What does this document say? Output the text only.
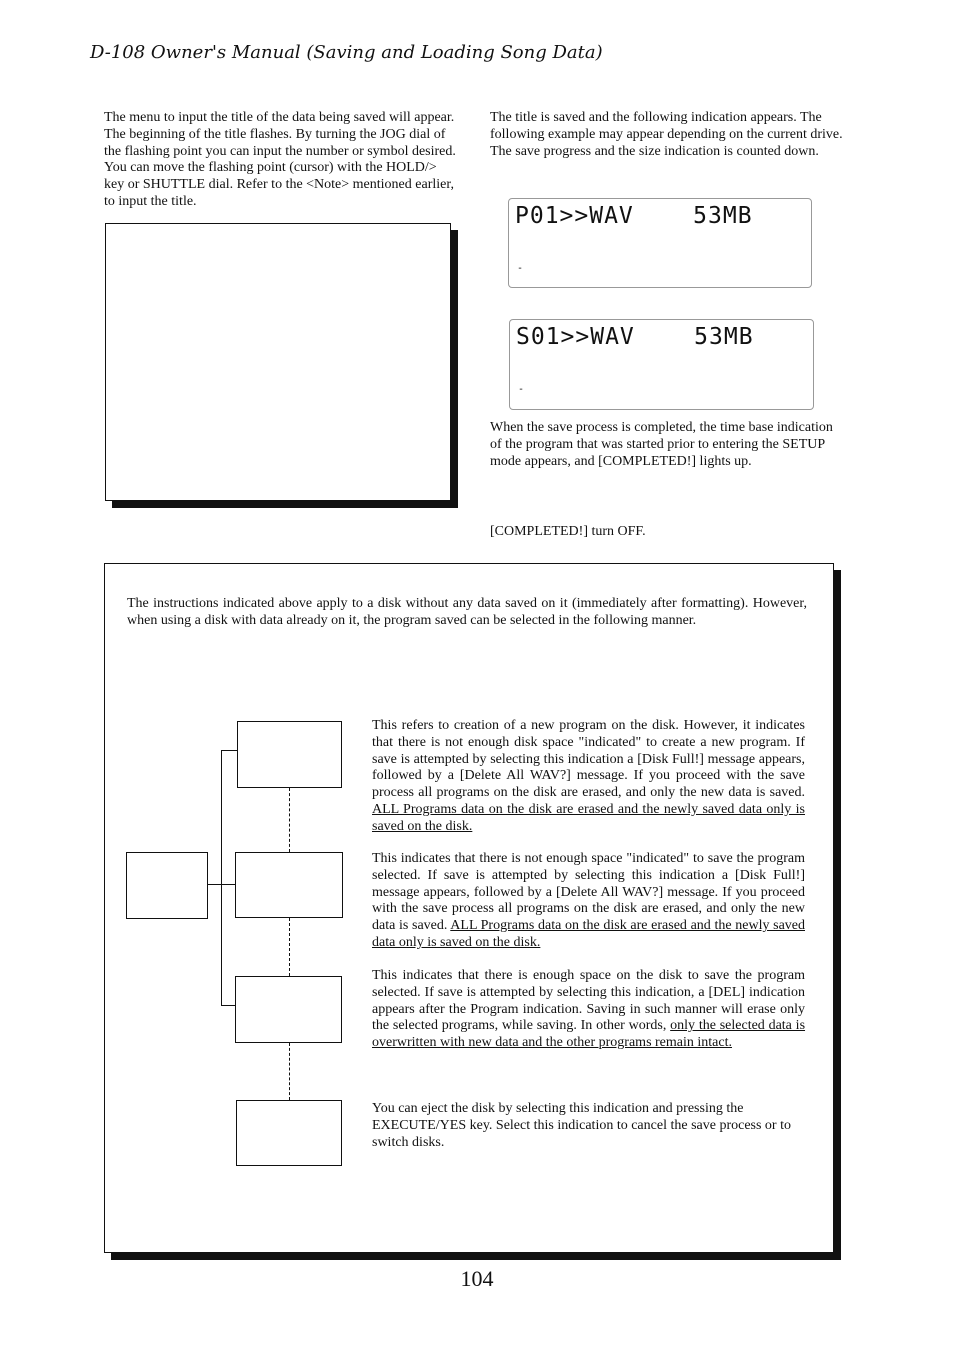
D-108 Owner's Manual (Saving and Loading Song Data)

The menu to input the title of the data being saved will appear. The beginning of the title flashes. By turning the JOG dial of the flashing point you can input the number or symbol desired. You can move the flashing point (cursor) with the HOLD/> key or SHUTTLE dial. Refer to the <Note> mentioned earlier, to input the title.

The title is saved and the following indication appears. The following example may appear depending on the current drive. The save progress and the size indication is counted down.

P01>>WAV    53MB
-
S01>>WAV    53MB
-

When the save process is completed, the time base indication of the program that was started prior to entering the SETUP mode appears, and [COMPLETED!] lights up.

[COMPLETED!] turn OFF.

The instructions indicated above apply to a disk without any data saved on it (immediately after formatting). However, when using a disk with data already on it, the program saved can be selected in the following manner.

This refers to creation of a new program on the disk. However, it indicates that there is not enough disk space "indicated" to create a new program. If save is attempted by selecting this indication a [Disk Full!] message appears, followed by a [Delete All WAV?] message. If you proceed with the save process all programs on the disk are erased, and only the new data is saved. ALL Programs data on the disk are erased and the newly saved data only is saved on the disk.

This indicates that there is not enough space "indicated" to save the program selected. If save is attempted by selecting this indication a [Disk Full!] message appears, followed by a [Delete All WAV?] message. If you proceed with the save process all programs on the disk are erased, and only the new data is saved. ALL Programs data on the disk are erased and the newly saved data only is saved on the disk.

This indicates that there is enough space on the disk to save the program selected. If save is attempted by selecting this indication, a [DEL] indication appears after the Program indication. Saving in such manner will erase only the selected programs, while saving. In other words, only the selected data is overwritten with new data and the other programs remain intact.

You can eject the disk by selecting this indication and pressing the EXECUTE/YES key. Select this indication to cancel the save process or to switch disks.

104
